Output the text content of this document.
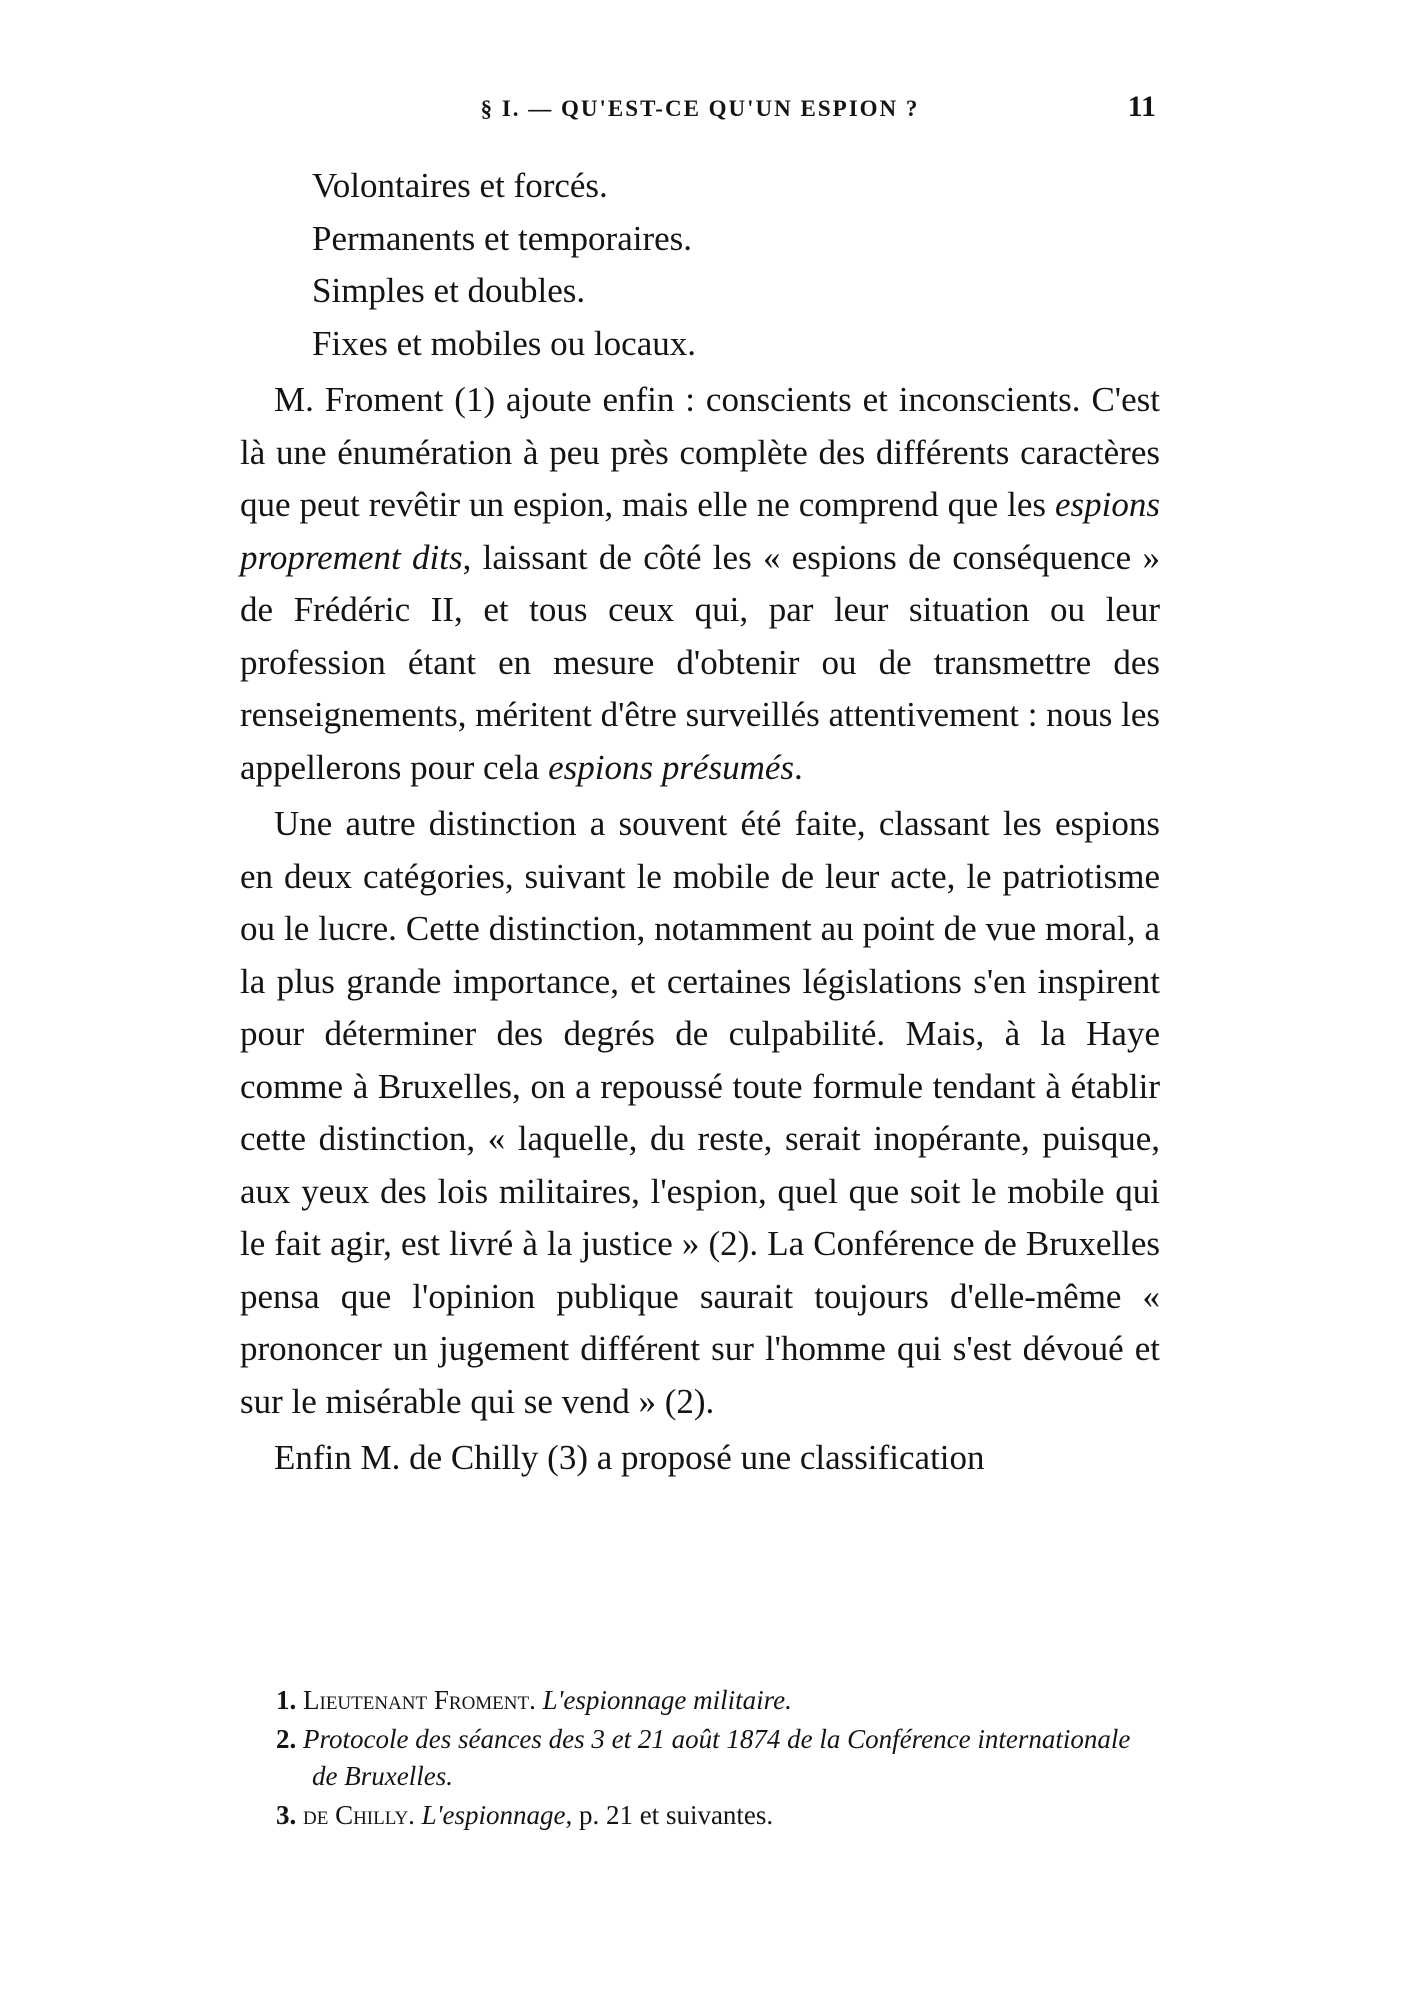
§ I. — QU'EST-CE QU'UN ESPION ?	11
Volontaires et forcés.
Permanents et temporaires.
Simples et doubles.
Fixes et mobiles ou locaux.

M. Froment (1) ajoute enfin : conscients et inconscients. C'est là une énumération à peu près complète des différents caractères que peut revêtir un espion, mais elle ne comprend que les espions proprement dits, laissant de côté les « espions de conséquence » de Frédéric II, et tous ceux qui, par leur situation ou leur profession étant en mesure d'obtenir ou de transmettre des renseignements, méritent d'être surveillés attentivement : nous les appellerons pour cela espions présumés.

Une autre distinction a souvent été faite, classant les espions en deux catégories, suivant le mobile de leur acte, le patriotisme ou le lucre. Cette distinction, notamment au point de vue moral, a la plus grande importance, et certaines législations s'en inspirent pour déterminer des degrés de culpabilité. Mais, à la Haye comme à Bruxelles, on a repoussé toute formule tendant à établir cette distinction, « laquelle, du reste, serait inopérante, puisque, aux yeux des lois militaires, l'espion, quel que soit le mobile qui le fait agir, est livré à la justice » (2). La Conférence de Bruxelles pensa que l'opinion publique saurait toujours d'elle-même « prononcer un jugement différent sur l'homme qui s'est dévoué et sur le misérable qui se vend » (2).

Enfin M. de Chilly (3) a proposé une classification

1. Lieutenant Froment. L'espionnage militaire.
2. Protocole des séances des 3 et 21 août 1874 de la Conférence internationale de Bruxelles.
3. de Chilly. L'espionnage, p. 21 et suivantes.
